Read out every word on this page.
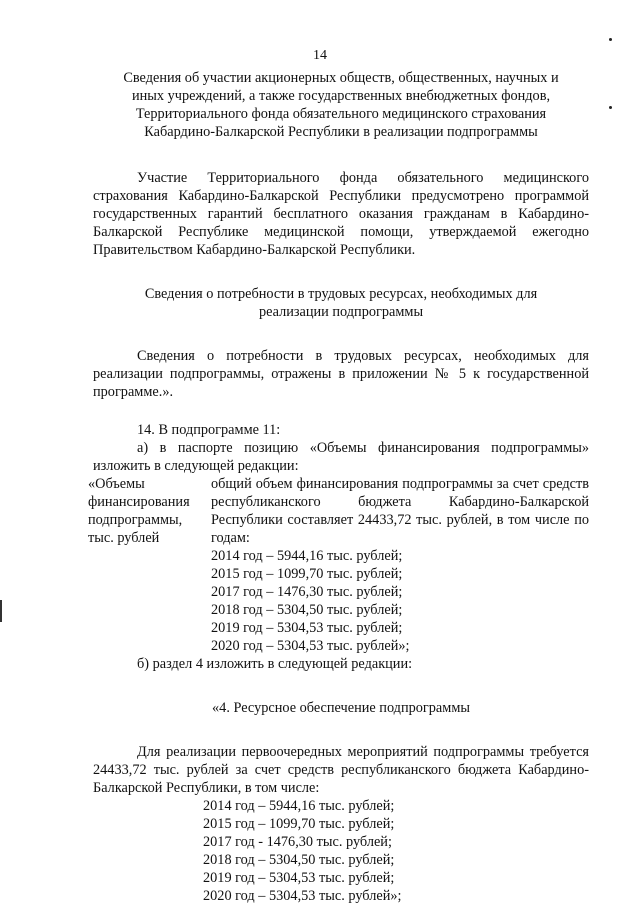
14

Сведения об участии акционерных обществ, общественных, научных и

иных учреждений, а также государственных внебюджетных фондов,

Территориального фонда обязательного медицинского страхования

Кабардино-Балкарской Республики в реализации подпрограммы

Участие Территориального фонда обязательного медицинского страхования Кабардино-Балкарской Республики предусмотрено программой государственных гарантий бесплатного оказания гражданам в Кабардино-Балкарской Республике медицинской помощи, утверждаемой ежегодно Правительством Кабардино-Балкарской Республики.

Сведения о потребности в трудовых ресурсах, необходимых для

реализации подпрограммы

Сведения о потребности в трудовых ресурсах, необходимых для реализации подпрограммы, отражены в приложении № 5 к государственной программе.».

14. В подпрограмме 11:

а) в паспорте позицию «Объемы финансирования подпрограммы» изложить в следующей редакции:

«Объемы

финансирования

подпрограммы,

тыс. рублей

общий объем финансирования подпрограммы за счет средств республиканского бюджета Кабардино-Балкарской Республики составляет 24433,72 тыс. рублей, в том числе по годам:

2014 год – 5944,16 тыс. рублей;
2015 год – 1099,70 тыс. рублей;
2017 год – 1476,30 тыс. рублей;
2018 год – 5304,50 тыс. рублей;
2019 год – 5304,53 тыс. рублей;
2020 год – 5304,53 тыс. рублей»;

б) раздел 4 изложить в следующей редакции:

«4. Ресурсное обеспечение подпрограммы

Для реализации первоочередных мероприятий подпрограммы требуется 24433,72 тыс. рублей за счет средств республиканского бюджета Кабардино-Балкарской Республики, в том числе:

2014 год – 5944,16 тыс. рублей;
2015 год – 1099,70 тыс. рублей;
2017 год - 1476,30 тыс. рублей;
2018 год – 5304,50 тыс. рублей;
2019 год – 5304,53 тыс. рублей;
2020 год – 5304,53 тыс. рублей»;
